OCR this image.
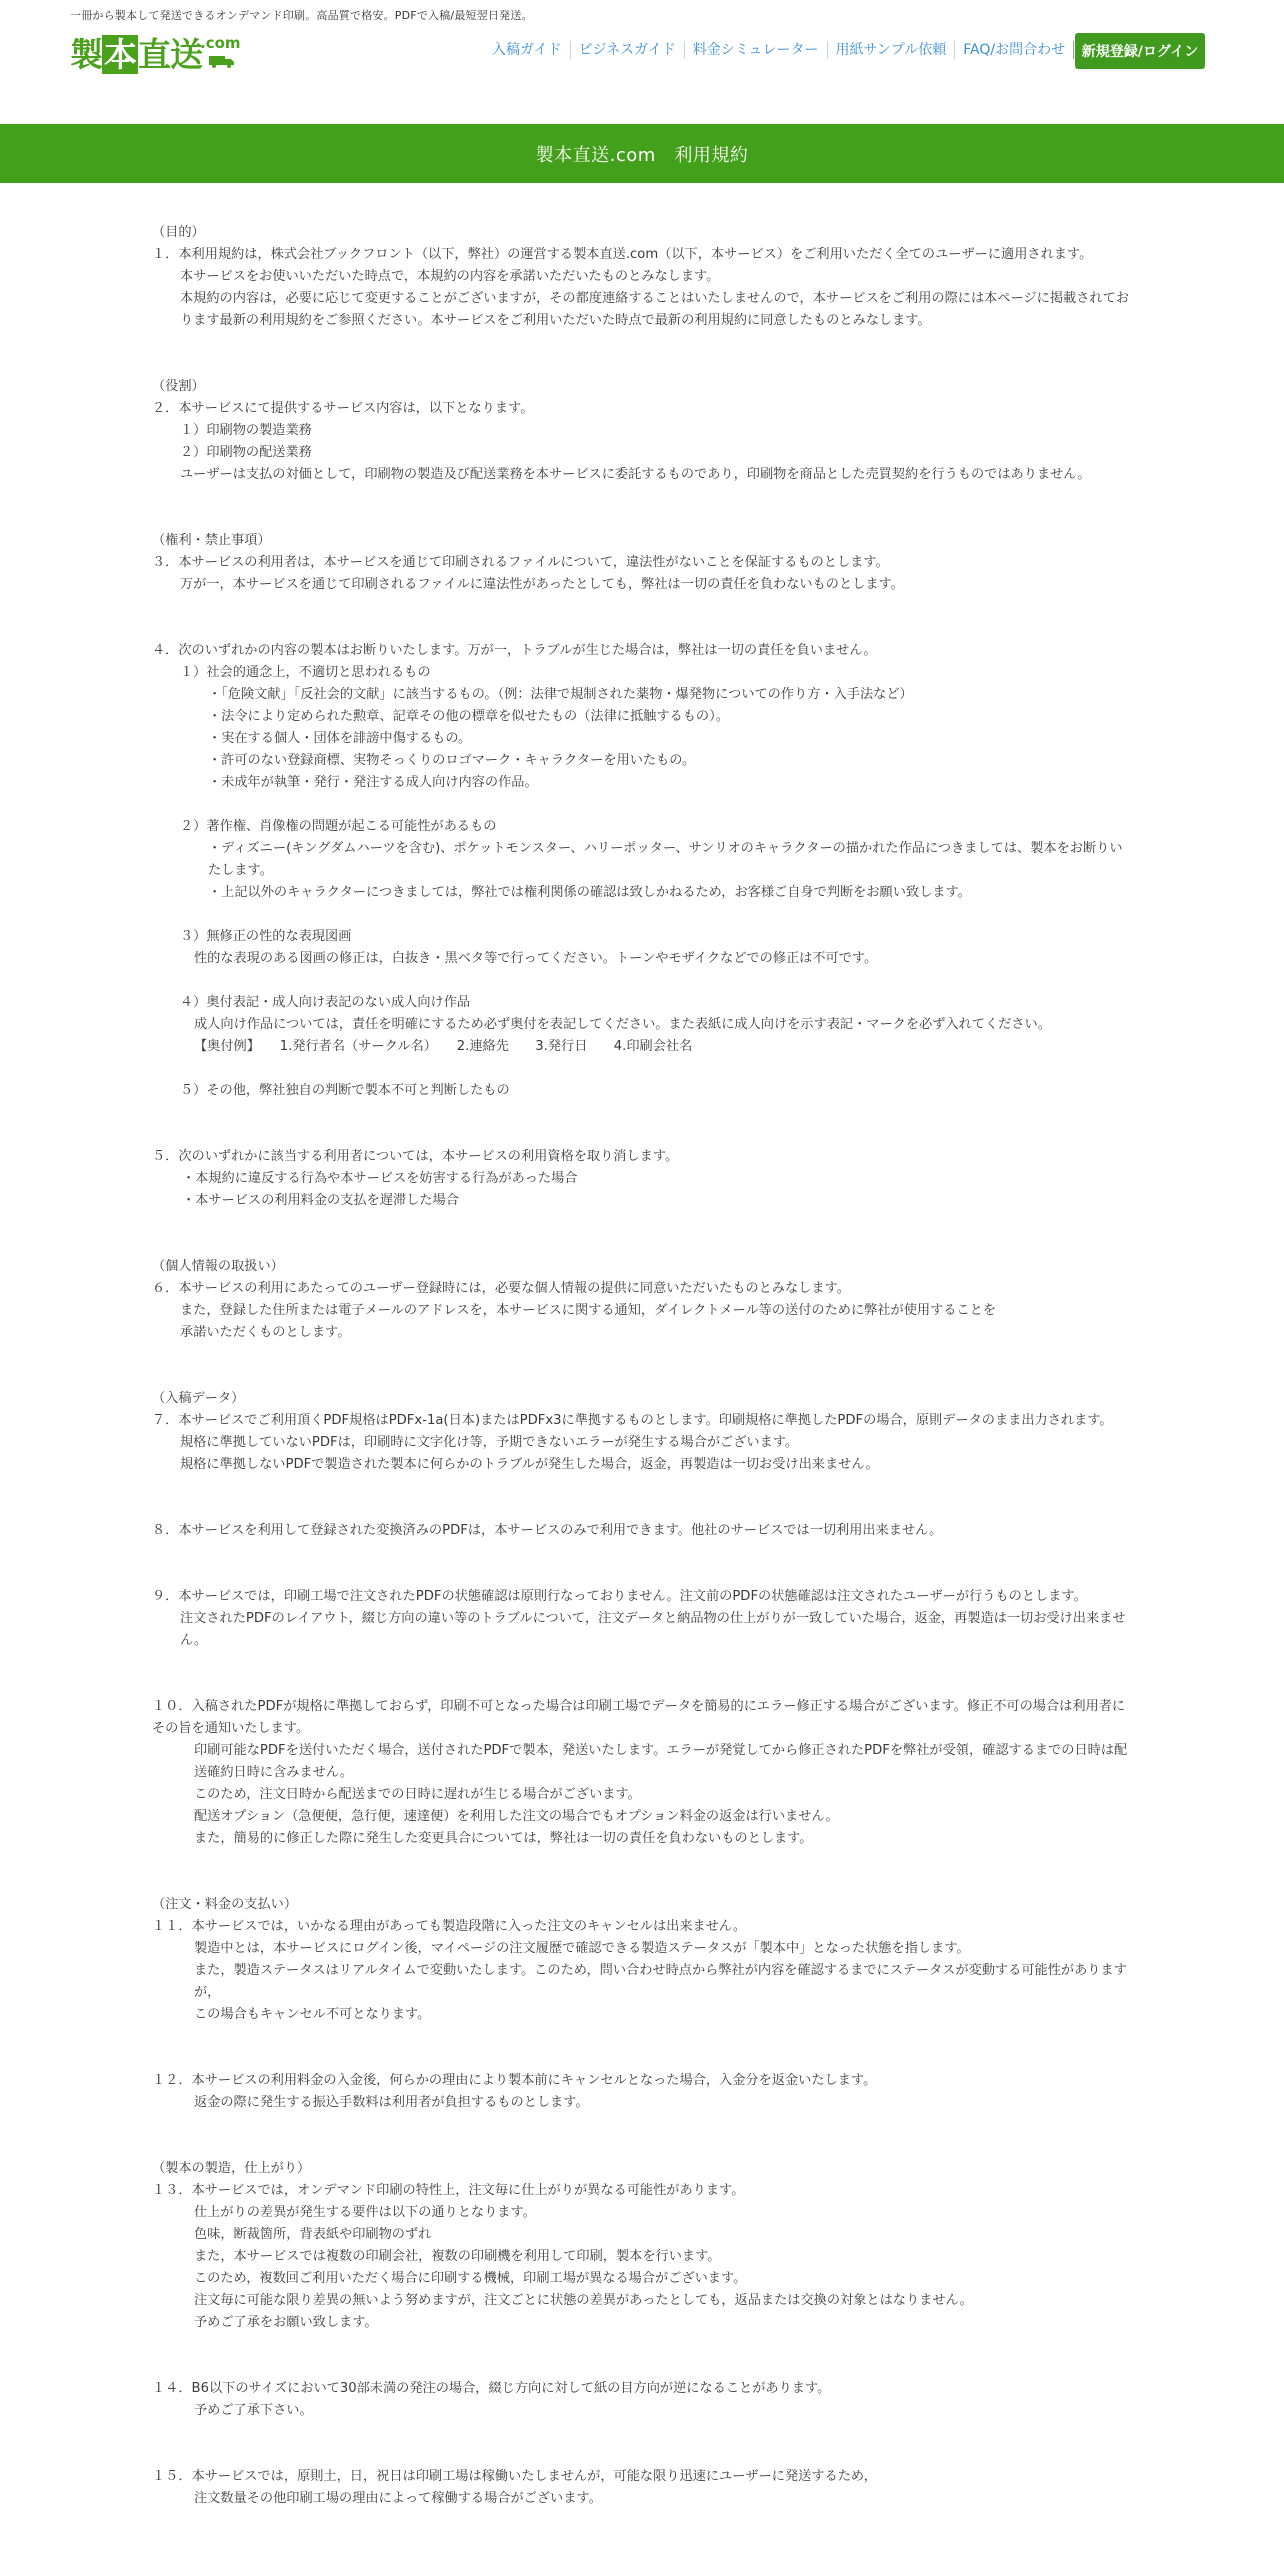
一冊から製本して発送できるオンデマンド印刷。高品質で格安。PDFで入稿/最短翌日発送。
製本直送
.com	入稿ガイド	ビジネスガイド	料金シミュレーター	用紙サンプル依頼	FAQ/お問合わせ	新規登録/ログイン
製本直送.com　利用規約

（目的）

１．本利用規約は，株式会社ブックフロント（以下，弊社）の運営する製本直送.com（以下，本サービス）をご利用いただく全てのユーザーに適用されます。

本サービスをお使いいただいた時点で，本規約の内容を承諾いただいたものとみなします。

本規約の内容は，必要に応じて変更することがございますが，その都度連絡することはいたしませんので，本サービスをご利用の際には本ページに掲載されております最新の利用規約をご参照ください。本サービスをご利用いただいた時点で最新の利用規約に同意したものとみなします。

（役割）

２．本サービスにて提供するサービス内容は，以下となります。

１）印刷物の製造業務

２）印刷物の配送業務

ユーザーは支払の対価として，印刷物の製造及び配送業務を本サービスに委託するものであり，印刷物を商品とした売買契約を行うものではありません。

（権利・禁止事項）

３．本サービスの利用者は，本サービスを通じて印刷されるファイルについて，違法性がないことを保証するものとします。

万が一，本サービスを通じて印刷されるファイルに違法性があったとしても，弊社は一切の責任を負わないものとします。

４．次のいずれかの内容の製本はお断りいたします。万が一，トラブルが生じた場合は，弊社は一切の責任を負いません。

１）社会的通念上，不適切と思われるもの

・「危険文献」「反社会的文献」に該当するもの。（例：法律で規制された薬物・爆発物についての作り方・入手法など）

・法令により定められた勲章、記章その他の標章を似せたもの（法律に抵触するもの）。

・実在する個人・団体を誹謗中傷するもの。

・許可のない登録商標、実物そっくりのロゴマーク・キャラクターを用いたもの。

・未成年が執筆・発行・発注する成人向け内容の作品。

２）著作権、肖像権の問題が起こる可能性があるもの

・ディズニー(キングダムハーツを含む)、ポケットモンスター、ハリーポッター、サンリオのキャラクターの描かれた作品につきましては、製本をお断りいたします。

・上記以外のキャラクターにつきましては，弊社では権利関係の確認は致しかねるため，お客様ご自身で判断をお願い致します。

３）無修正の性的な表現図画

性的な表現のある図画の修正は，白抜き・黒ベタ等で行ってください。トーンやモザイクなどでの修正は不可です。

４）奥付表記・成人向け表記のない成人向け作品

成人向け作品については，責任を明確にするため必ず奥付を表記してください。また表紙に成人向けを示す表記・マークを必ず入れてください。

【奥付例】　　1.発行者名（サークル名）　　2.連絡先　　3.発行日　　4.印刷会社名

５）その他，弊社独自の判断で製本不可と判断したもの

５．次のいずれかに該当する利用者については，本サービスの利用資格を取り消します。

・本規約に違反する行為や本サービスを妨害する行為があった場合

・本サービスの利用料金の支払を遅滞した場合

（個人情報の取扱い）

６．本サービスの利用にあたってのユーザー登録時には，必要な個人情報の提供に同意いただいたものとみなします。

また，登録した住所または電子メールのアドレスを，本サービスに関する通知，ダイレクトメール等の送付のために弊社が使用することを

承諾いただくものとします。

（入稿データ）

７．本サービスでご利用頂くPDF規格はPDFx-1a(日本)またはPDFx3に準拠するものとします。印刷規格に準拠したPDFの場合，原則データのまま出力されます。

規格に準拠していないPDFは，印刷時に文字化け等，予期できないエラーが発生する場合がございます。

規格に準拠しないPDFで製造された製本に何らかのトラブルが発生した場合，返金，再製造は一切お受け出来ません。

８．本サービスを利用して登録された変換済みのPDFは，本サービスのみで利用できます。他社のサービスでは一切利用出来ません。

９．本サービスでは，印刷工場で注文されたPDFの状態確認は原則行なっておりません。注文前のPDFの状態確認は注文されたユーザーが行うものとします。

注文されたPDFのレイアウト，綴じ方向の違い等のトラブルについて，注文データと納品物の仕上がりが一致していた場合，返金，再製造は一切お受け出来ません。

１０．入稿されたPDFが規格に準拠しておらず，印刷不可となった場合は印刷工場でデータを簡易的にエラー修正する場合がございます。修正不可の場合は利用者にその旨を通知いたします。

印刷可能なPDFを送付いただく場合，送付されたPDFで製本，発送いたします。エラーが発覚してから修正されたPDFを弊社が受領，確認するまでの日時は配送確約日時に含みません。

このため，注文日時から配送までの日時に遅れが生じる場合がございます。

配送オプション（急便便，急行便，速達便）を利用した注文の場合でもオプション料金の返金は行いません。

また，簡易的に修正した際に発生した変更具合については，弊社は一切の責任を負わないものとします。

（注文・料金の支払い）

１１．本サービスでは，いかなる理由があっても製造段階に入った注文のキャンセルは出来ません。

製造中とは，本サービスにログイン後，マイページの注文履歴で確認できる製造ステータスが「製本中」となった状態を指します。

また，製造ステータスはリアルタイムで変動いたします。このため，問い合わせ時点から弊社が内容を確認するまでにステータスが変動する可能性がありますが，

この場合もキャンセル不可となります。

１２．本サービスの利用料金の入金後，何らかの理由により製本前にキャンセルとなった場合，入金分を返金いたします。

返金の際に発生する振込手数料は利用者が負担するものとします。

（製本の製造，仕上がり）

１３．本サービスでは，オンデマンド印刷の特性上，注文毎に仕上がりが異なる可能性があります。

仕上がりの差異が発生する要件は以下の通りとなります。

色味，断裁箇所，背表紙や印刷物のずれ

また，本サービスでは複数の印刷会社，複数の印刷機を利用して印刷，製本を行います。

このため，複数回ご利用いただく場合に印刷する機械，印刷工場が異なる場合がございます。

注文毎に可能な限り差異の無いよう努めますが，注文ごとに状態の差異があったとしても，返品または交換の対象とはなりません。

予めご了承をお願い致します。

１４．B6以下のサイズにおいて30部未満の発注の場合，綴じ方向に対して紙の目方向が逆になることがあります。

予めご了承下さい。

１５．本サービスでは，原則土，日，祝日は印刷工場は稼働いたしませんが，可能な限り迅速にユーザーに発送するため，

注文数量その他印刷工場の理由によって稼働する場合がございます。
